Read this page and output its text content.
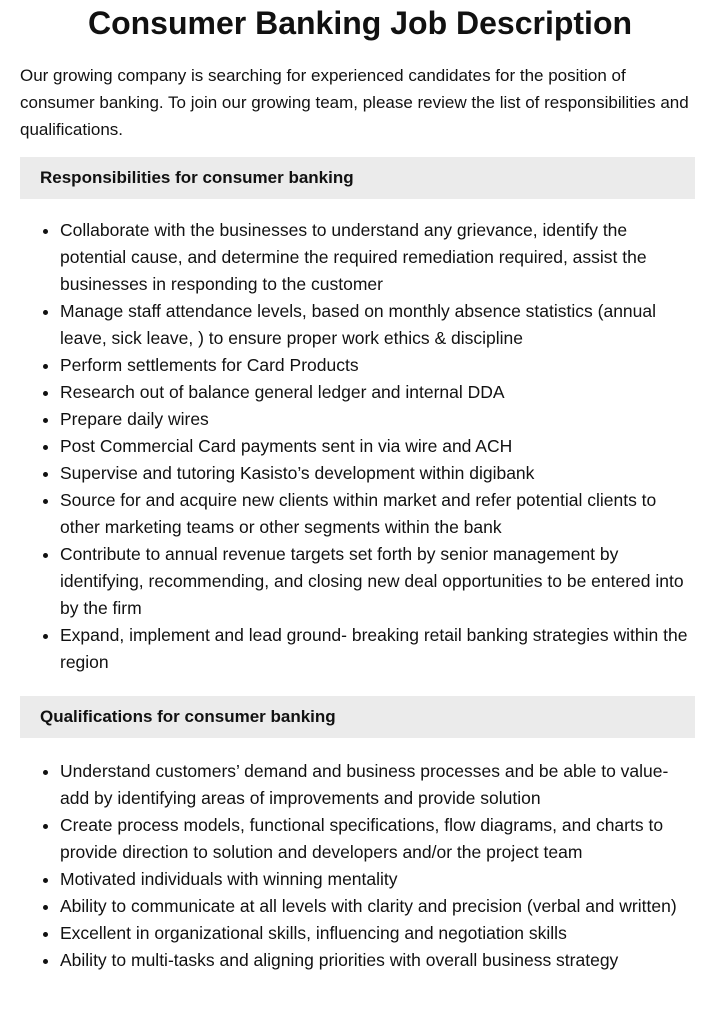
Consumer Banking Job Description

Our growing company is searching for experienced candidates for the position of consumer banking. To join our growing team, please review the list of responsibilities and qualifications.

Responsibilities for consumer banking
• Collaborate with the businesses to understand any grievance, identify the potential cause, and determine the required remediation required, assist the businesses in responding to the customer
• Manage staff attendance levels, based on monthly absence statistics (annual leave, sick leave, ) to ensure proper work ethics & discipline
• Perform settlements for Card Products
• Research out of balance general ledger and internal DDA
• Prepare daily wires
• Post Commercial Card payments sent in via wire and ACH
• Supervise and tutoring Kasisto’s development within digibank
• Source for and acquire new clients within market and refer potential clients to other marketing teams or other segments within the bank
• Contribute to annual revenue targets set forth by senior management by identifying, recommending, and closing new deal opportunities to be entered into by the firm
• Expand, implement and lead ground- breaking retail banking strategies within the region
Qualifications for consumer banking
• Understand customers’ demand and business processes and be able to value-add by identifying areas of improvements and provide solution
• Create process models, functional specifications, flow diagrams, and charts to provide direction to solution and developers and/or the project team
• Motivated individuals with winning mentality
• Ability to communicate at all levels with clarity and precision (verbal and written)
• Excellent in organizational skills, influencing and negotiation skills
• Ability to multi-tasks and aligning priorities with overall business strategy
